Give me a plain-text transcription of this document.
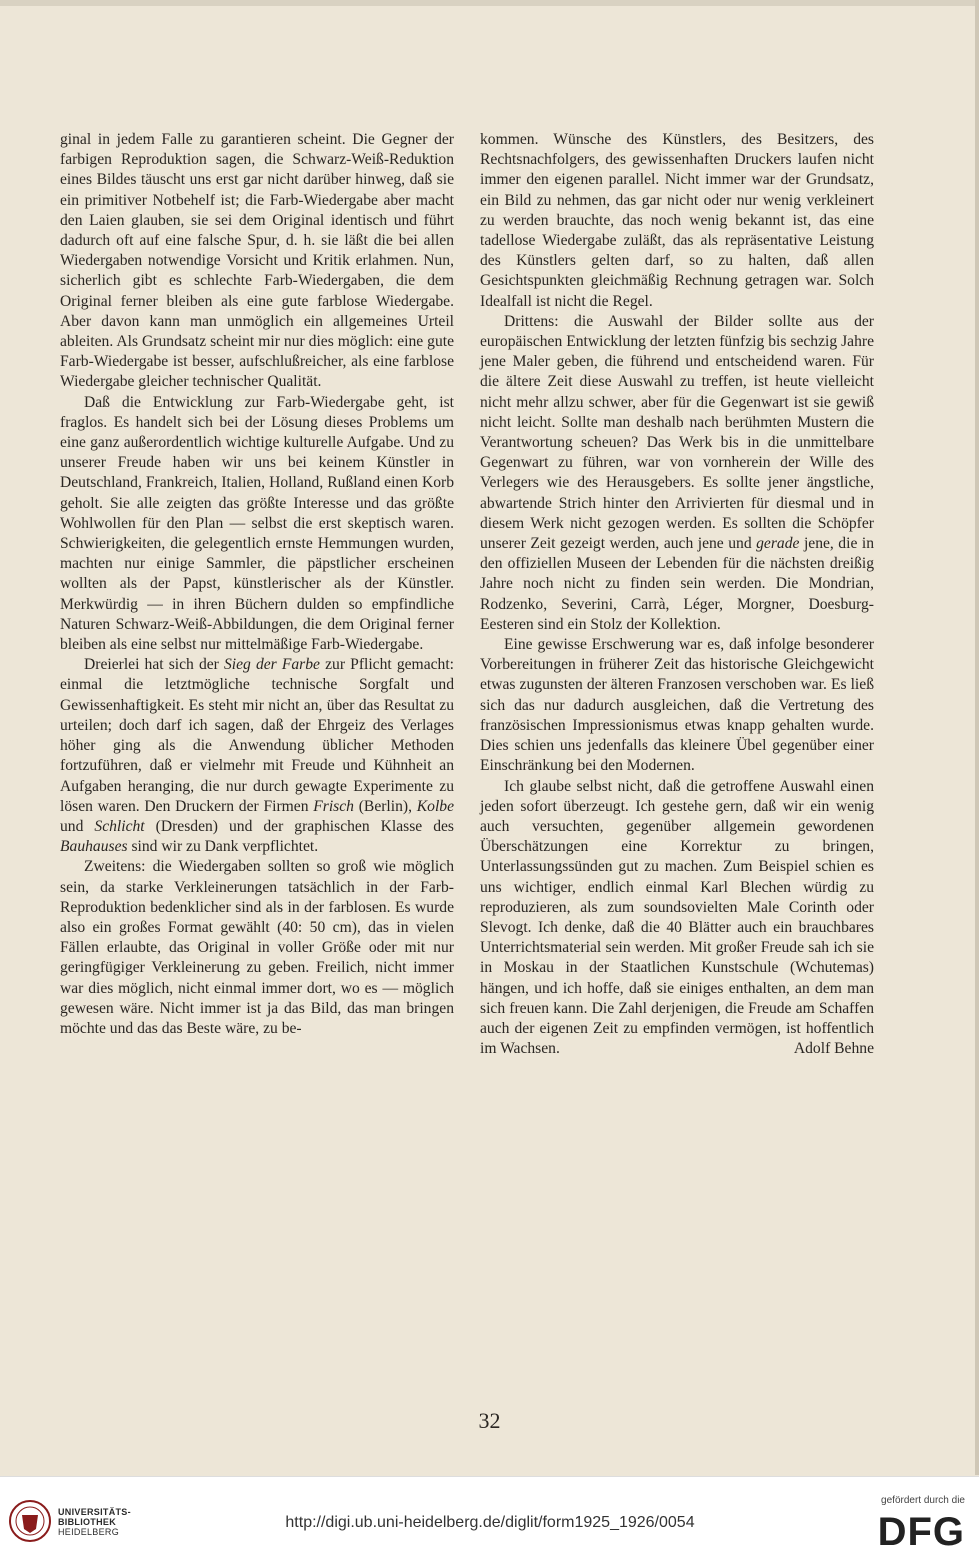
ginal in jedem Falle zu garantieren scheint. Die Gegner der farbigen Reproduktion sagen, die Schwarz-Weiß-Reduktion eines Bildes täuscht uns erst gar nicht darüber hinweg, daß sie ein primitiver Notbehelf ist; die Farb-Wiedergabe aber macht den Laien glauben, sie sei dem Original identisch und führt dadurch oft auf eine falsche Spur, d. h. sie läßt die bei allen Wiedergaben notwendige Vorsicht und Kritik erlahmen. Nun, sicherlich gibt es schlechte Farb-Wiedergaben, die dem Original ferner bleiben als eine gute farblose Wiedergabe. Aber davon kann man unmöglich ein allgemeines Urteil ableiten. Als Grundsatz scheint mir nur dies möglich: eine gute Farb-Wiedergabe ist besser, aufschlußreicher, als eine farblose Wiedergabe gleicher technischer Qualität.

Daß die Entwicklung zur Farb-Wiedergabe geht, ist fraglos. Es handelt sich bei der Lösung dieses Problems um eine ganz außerordentlich wichtige kulturelle Aufgabe. Und zu unserer Freude haben wir uns bei keinem Künstler in Deutschland, Frankreich, Italien, Holland, Rußland einen Korb geholt. Sie alle zeigten das größte Interesse und das größte Wohlwollen für den Plan — selbst die erst skeptisch waren. Schwierigkeiten, die gelegentlich ernste Hemmungen wurden, machten nur einige Sammler, die päpstlicher erscheinen wollten als der Papst, künstlerischer als der Künstler. Merkwürdig — in ihren Büchern dulden so empfindliche Naturen Schwarz-Weiß-Abbildungen, die dem Original ferner bleiben als eine selbst nur mittelmäßige Farb-Wiedergabe.

Dreierlei hat sich der Sieg der Farbe zur Pflicht gemacht: einmal die letztmögliche technische Sorgfalt und Gewissenhaftigkeit. Es steht mir nicht an, über das Resultat zu urteilen; doch darf ich sagen, daß der Ehrgeiz des Verlages höher ging als die Anwendung üblicher Methoden fortzuführen, daß er vielmehr mit Freude und Kühnheit an Aufgaben heranging, die nur durch gewagte Experimente zu lösen waren. Den Druckern der Firmen Frisch (Berlin), Kolbe und Schlicht (Dresden) und der graphischen Klasse des Bauhauses sind wir zu Dank verpflichtet.

Zweitens: die Wiedergaben sollten so groß wie möglich sein, da starke Verkleinerungen tatsächlich in der Farb-Reproduktion bedenklicher sind als in der farblosen. Es wurde also ein großes Format gewählt (40: 50 cm), das in vielen Fällen erlaubte, das Original in voller Größe oder mit nur geringfügiger Verkleinerung zu geben. Freilich, nicht immer war dies möglich, nicht einmal immer dort, wo es — möglich gewesen wäre. Nicht immer ist ja das Bild, das man bringen möchte und das das Beste wäre, zu be-

kommen. Wünsche des Künstlers, des Besitzers, des Rechtsnachfolgers, des gewissenhaften Druckers laufen nicht immer den eigenen parallel. Nicht immer war der Grundsatz, ein Bild zu nehmen, das gar nicht oder nur wenig verkleinert zu werden brauchte, das noch wenig bekannt ist, das eine tadellose Wiedergabe zuläßt, das als repräsentative Leistung des Künstlers gelten darf, so zu halten, daß allen Gesichtspunkten gleichmäßig Rechnung getragen war. Solch Idealfall ist nicht die Regel.

Drittens: die Auswahl der Bilder sollte aus der europäischen Entwicklung der letzten fünfzig bis sechzig Jahre jene Maler geben, die führend und entscheidend waren. Für die ältere Zeit diese Auswahl zu treffen, ist heute vielleicht nicht mehr allzu schwer, aber für die Gegenwart ist sie gewiß nicht leicht. Sollte man deshalb nach berühmten Mustern die Verantwortung scheuen? Das Werk bis in die unmittelbare Gegenwart zu führen, war von vornherein der Wille des Verlegers wie des Herausgebers. Es sollte jener ängstliche, abwartende Strich hinter den Arrivierten für diesmal und in diesem Werk nicht gezogen werden. Es sollten die Schöpfer unserer Zeit gezeigt werden, auch jene und gerade jene, die in den offiziellen Museen der Lebenden für die nächsten dreißig Jahre noch nicht zu finden sein werden. Die Mondrian, Rodzenko, Severini, Carrà, Léger, Morgner, Doesburg-Eesteren sind ein Stolz der Kollektion.

Eine gewisse Erschwerung war es, daß infolge besonderer Vorbereitungen in früherer Zeit das historische Gleichgewicht etwas zugunsten der älteren Franzosen verschoben war. Es ließ sich das nur dadurch ausgleichen, daß die Vertretung des französischen Impressionismus etwas knapp gehalten wurde. Dies schien uns jedenfalls das kleinere Übel gegenüber einer Einschränkung bei den Modernen.

Ich glaube selbst nicht, daß die getroffene Auswahl einen jeden sofort überzeugt. Ich gestehe gern, daß wir ein wenig auch versuchten, gegenüber allgemein gewordenen Überschätzungen eine Korrektur zu bringen, Unterlassungssünden gut zu machen. Zum Beispiel schien es uns wichtiger, endlich einmal Karl Blechen würdig zu reproduzieren, als zum soundsovielten Male Corinth oder Slevogt. Ich denke, daß die 40 Blätter auch ein brauchbares Unterrichtsmaterial sein werden. Mit großer Freude sah ich sie in Moskau in der Staatlichen Kunstschule (Wchutemas) hängen, und ich hoffe, daß sie einiges enthalten, an dem man sich freuen kann. Die Zahl derjenigen, die Freude am Schaffen auch der eigenen Zeit zu empfinden vermögen, ist hoffentlich im Wachsen.	Adolf Behne
32
UNIVERSITÄTS-
BIBLIOTHEK
HEIDELBERG
http://digi.ub.uni-heidelberg.de/diglit/form1925_1926/0054
gefördert durch die
DFG
